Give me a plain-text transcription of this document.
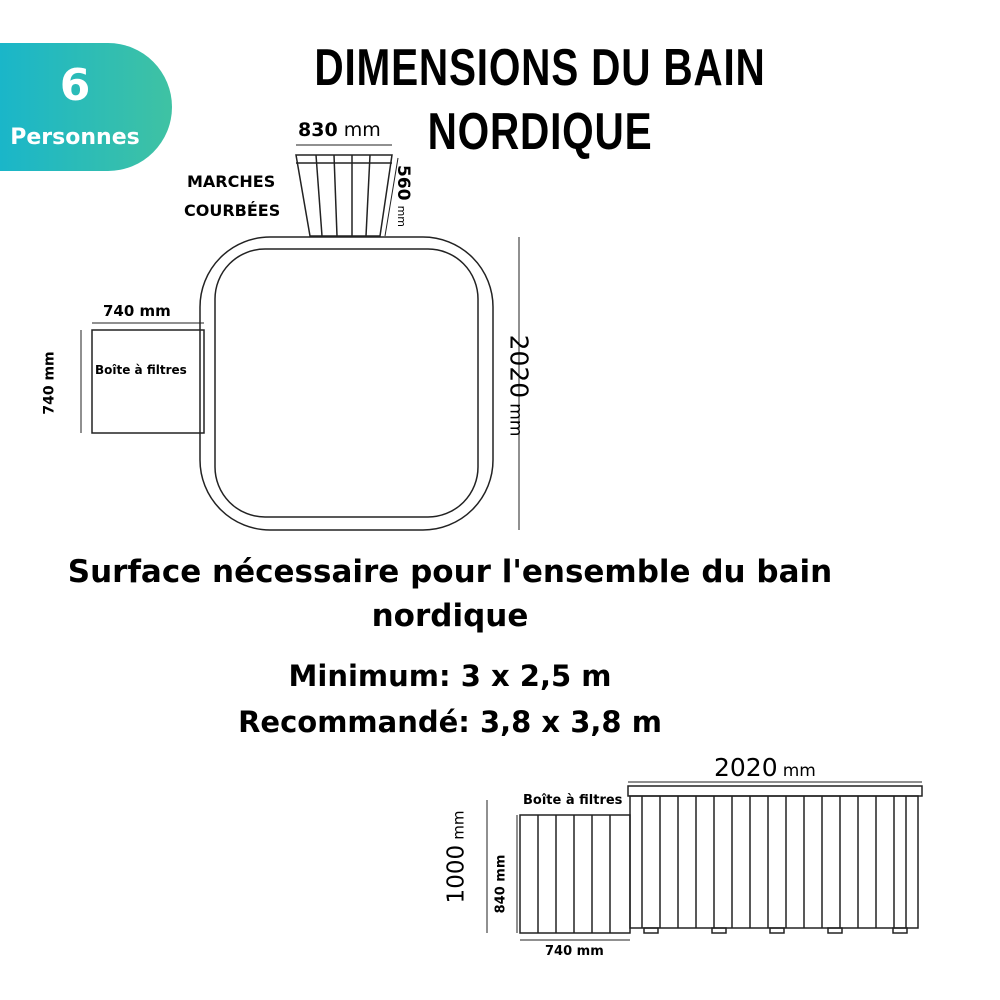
6
Personnes
DIMENSIONS DU BAIN NORDIQUE
830 mm
MARCHES
COURBÉES
560 mm
740 mm
Boîte à filtres
740 mm	2020 mm
Surface nécessaire pour l'ensemble du bain
nordique
Minimum: 3 x 2,5 m
Recommandé: 3,8 x 3,8 m
2020 mm
Boîte à filtres
1000 mm
840 mm
740 mm
